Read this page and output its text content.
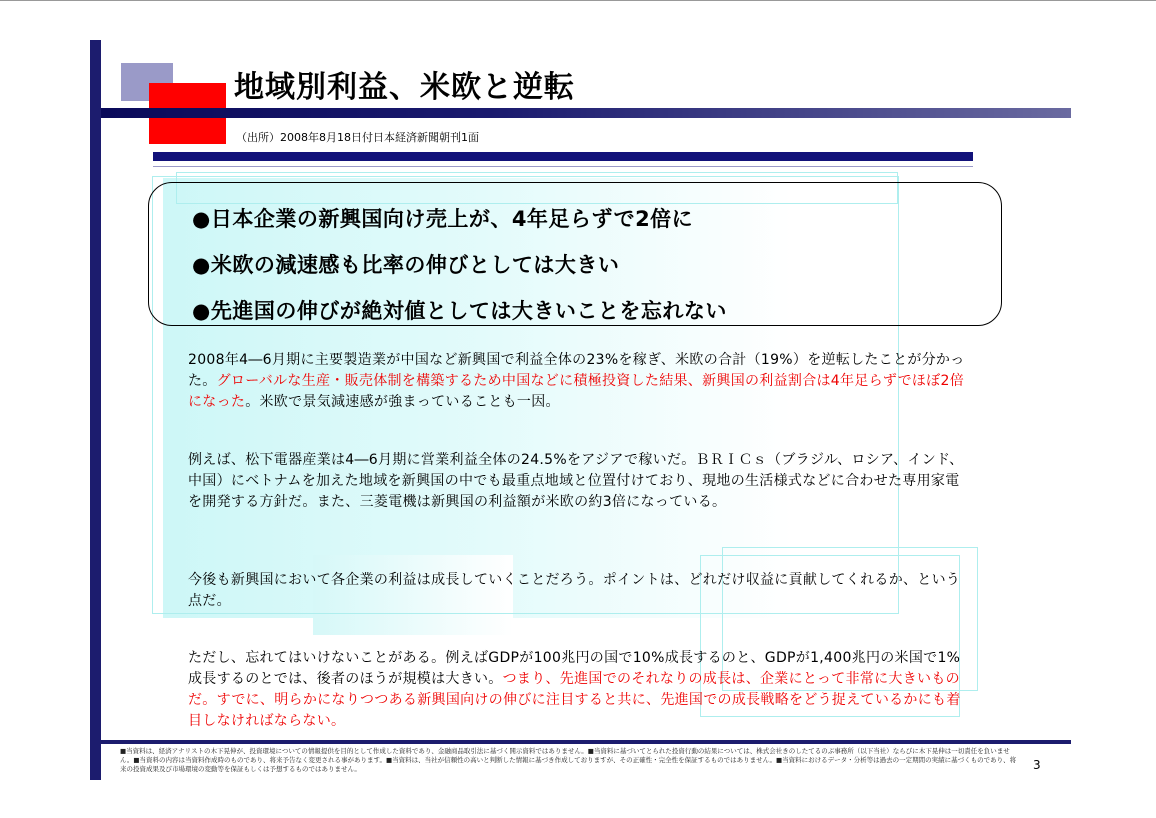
地域別利益、米欧と逆転
（出所）2008年8月18日付日本経済新聞朝刊1面
●日本企業の新興国向け売上が、4年足らずで2倍に
●米欧の減速感も比率の伸びとしては大きい
●先進国の伸びが絶対値としては大きいことを忘れない

2008年4―6月期に主要製造業が中国など新興国で利益全体の23%を稼ぎ、米欧の合計（19%）を逆転したことが分かった。グローバルな生産・販売体制を構築するため中国などに積極投資した結果、新興国の利益割合は4年足らずでほぼ2倍になった。米欧で景気減速感が強まっていることも一因。

例えば、松下電器産業は4―6月期に営業利益全体の24.5%をアジアで稼いだ。ＢＲＩＣｓ（ブラジル、ロシア、インド、中国）にベトナムを加えた地域を新興国の中でも最重点地域と位置付けており、現地の生活様式などに合わせた専用家電を開発する方針だ。また、三菱電機は新興国の利益額が米欧の約3倍になっている。

今後も新興国において各企業の利益は成長していくことだろう。ポイントは、どれだけ収益に貢献してくれるか、という点だ。

ただし、忘れてはいけないことがある。例えばGDPが100兆円の国で10%成長するのと、GDPが1,400兆円の米国で1%成長するのとでは、後者のほうが規模は大きい。つまり、先進国でのそれなりの成長は、企業にとって非常に大きいものだ。すでに、明らかになりつつある新興国向けの伸びに注目すると共に、先進国での成長戦略をどう捉えているかにも着目しなければならない。

■当資料は、経済アナリストの木下晃伸が、投資環境についての情報提供を目的として作成した資料であり、金融商品取引法に基づく開示資料ではありません。■当資料に基づいてとられた投資行動の結果については、株式会社きのしたてるのぶ事務所（以下当社）ならびに木下晃伸は一切責任を負いません。■当資料の内容は当資料作成時のものであり、将来予告なく変更される事があります。■当資料は、当社が信頼性の高いと判断した情報に基づき作成しておりますが、その正確性・完全性を保証するものではありません。■当資料におけるデータ・分析等は過去の一定期間の実績に基づくものであり、将来の投資成果及び市場環境の変動等を保証もしくは予想するものではありません。	3
